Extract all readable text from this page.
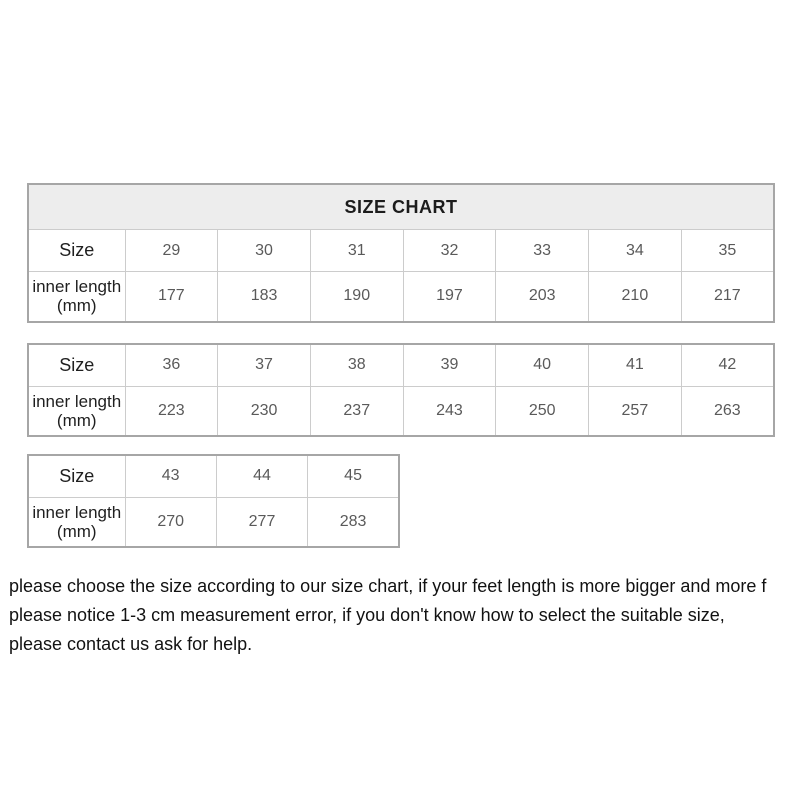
SIZE CHART							
Size	29	30	31	32	33	34	35

inner length
(mm)	177	183	190	197	203	210	217
Size	36	37	38	39	40	41	42

inner length
(mm)	223	230	237	243	250	257	263
Size	43	44	45

inner length
(mm)	270	277	283
please choose the size according to our size chart, if your feet length is more bigger and more f
please notice 1-3 cm measurement error, if you don't know how to select the suitable size,
please contact us ask for help.
